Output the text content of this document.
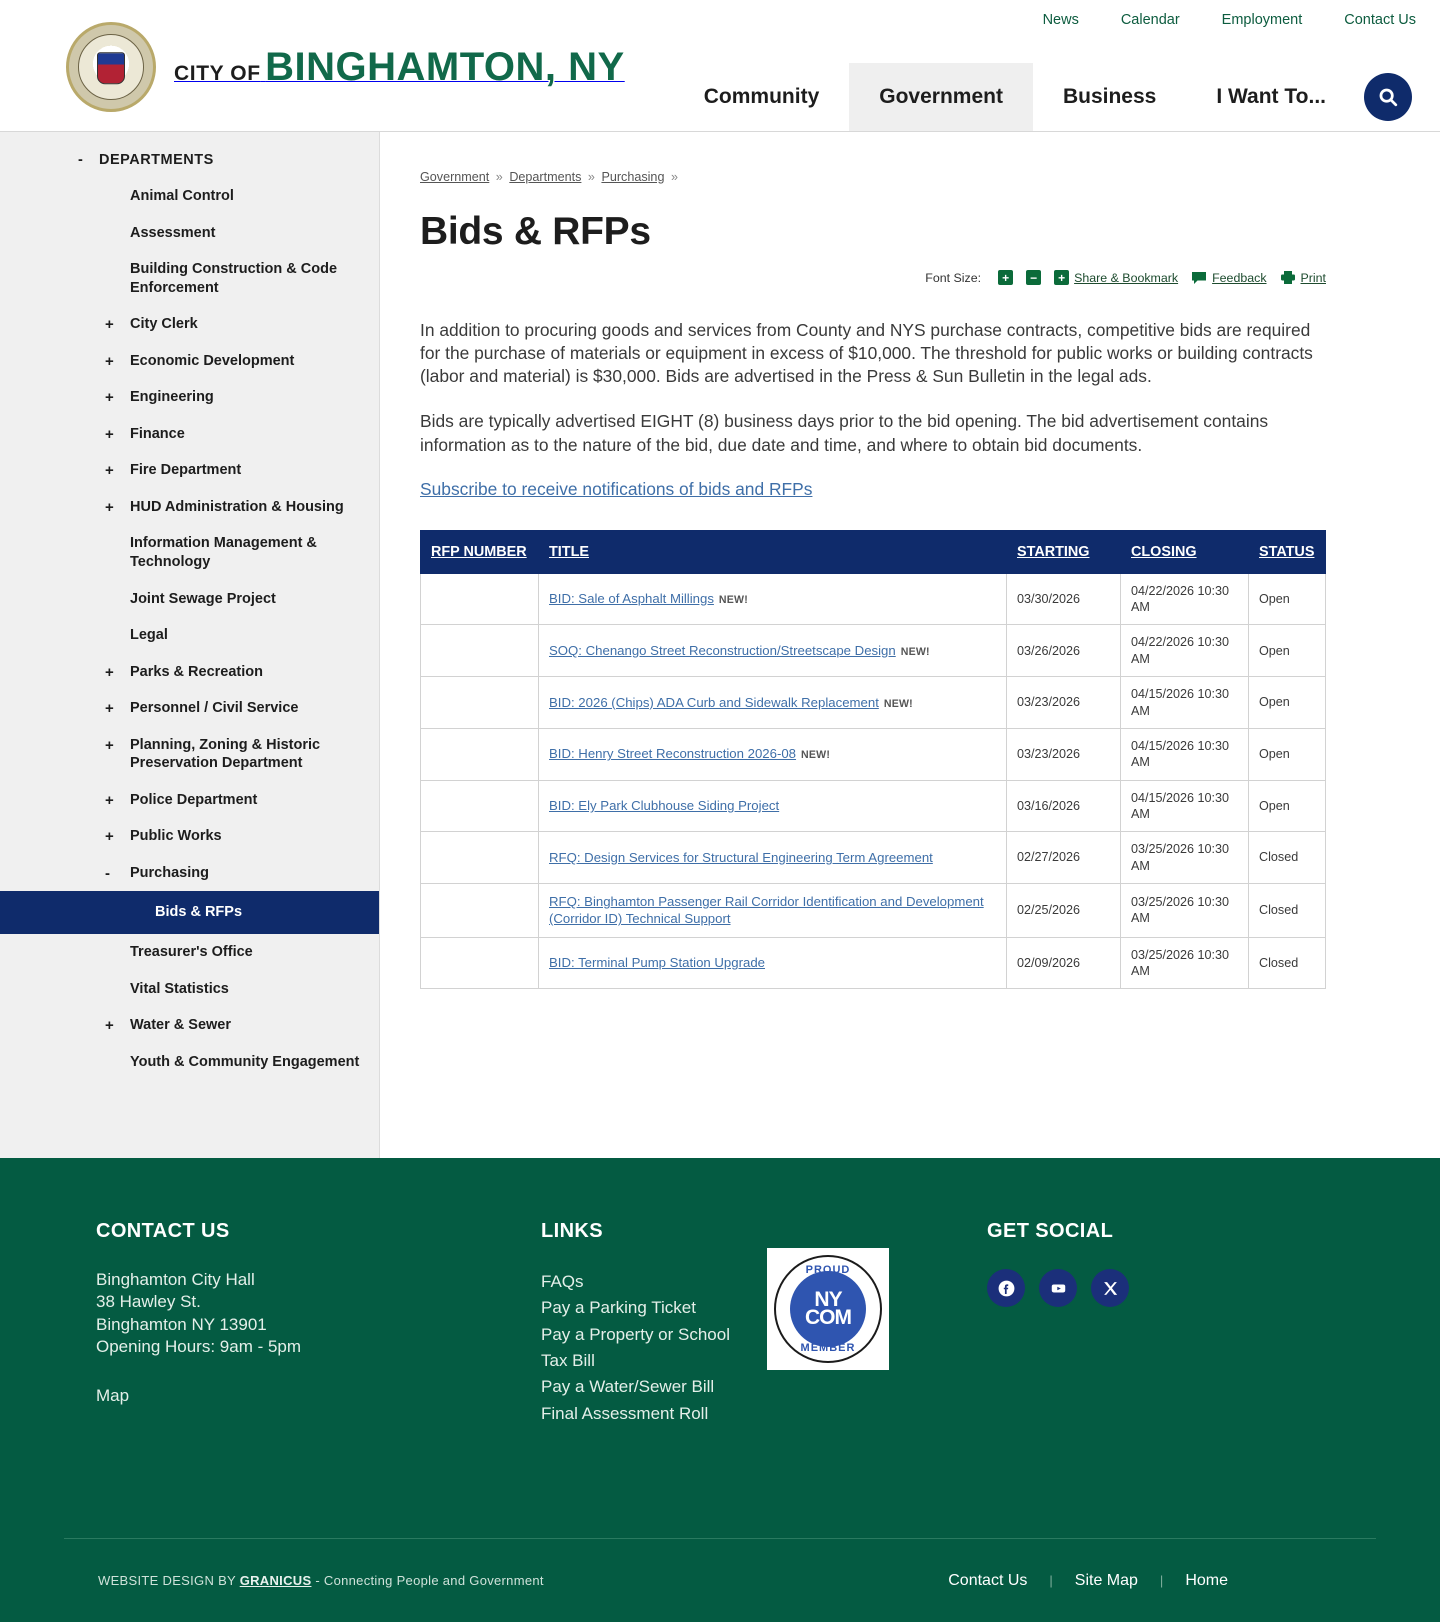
News	Calendar	Employment	Contact Us
CITY OF BINGHAMTON, NY
Community	Government	Business	I Want To...
- DEPARTMENTS
Animal Control
Assessment
Building Construction & Code Enforcement
+ City Clerk
+ Economic Development
+ Engineering
+ Finance
+ Fire Department
+ HUD Administration & Housing
Information Management & Technology
Joint Sewage Project
Legal
+ Parks & Recreation
+ Personnel / Civil Service
+ Planning, Zoning & Historic Preservation Department
+ Police Department
+ Public Works
- Purchasing
Bids & RFPs
Treasurer's Office
Vital Statistics
+ Water & Sewer
Youth & Community Engagement
Government » Departments » Purchasing »
Bids & RFPs
Font Size:	+	−	+ Share & Bookmark	Feedback	Print

In addition to procuring goods and services from County and NYS purchase contracts, competitive bids are required for the purchase of materials or equipment in excess of $10,000. The threshold for public works or building contracts (labor and material) is $30,000. Bids are advertised in the Press & Sun Bulletin in the legal ads.

Bids are typically advertised EIGHT (8) business days prior to the bid opening. The bid advertisement contains information as to the nature of the bid, due date and time, and where to obtain bid documents.

Subscribe to receive notifications of bids and RFPs
RFP NUMBER	TITLE	STARTING	CLOSING	STATUS
	BID: Sale of Asphalt Millings NEW!	03/30/2026	04/22/2026 10:30 AM	Open
	SOQ: Chenango Street Reconstruction/Streetscape Design NEW!	03/26/2026	04/22/2026 10:30 AM	Open
	BID: 2026 (Chips) ADA Curb and Sidewalk Replacement NEW!	03/23/2026	04/15/2026 10:30 AM	Open
	BID: Henry Street Reconstruction 2026-08 NEW!	03/23/2026	04/15/2026 10:30 AM	Open
	BID: Ely Park Clubhouse Siding Project	03/16/2026	04/15/2026 10:30 AM	Open
	RFQ: Design Services for Structural Engineering Term Agreement	02/27/2026	03/25/2026 10:30 AM	Closed
	RFQ: Binghamton Passenger Rail Corridor Identification and Development (Corridor ID) Technical Support	02/25/2026	03/25/2026 10:30 AM	Closed
	BID: Terminal Pump Station Upgrade	02/09/2026	03/25/2026 10:30 AM	Closed
CONTACT US
Binghamton City Hall
38 Hawley St.
Binghamton NY 13901
Opening Hours: 9am - 5pm
Map
LINKS
FAQs
Pay a Parking Ticket
Pay a Property or School Tax Bill
Pay a Water/Sewer Bill
Final Assessment Roll
PROUD
NY
COM
MEMBER
GET SOCIAL
WEBSITE DESIGN BY GRANICUS - Connecting People and Government	Contact Us | Site Map | Home
